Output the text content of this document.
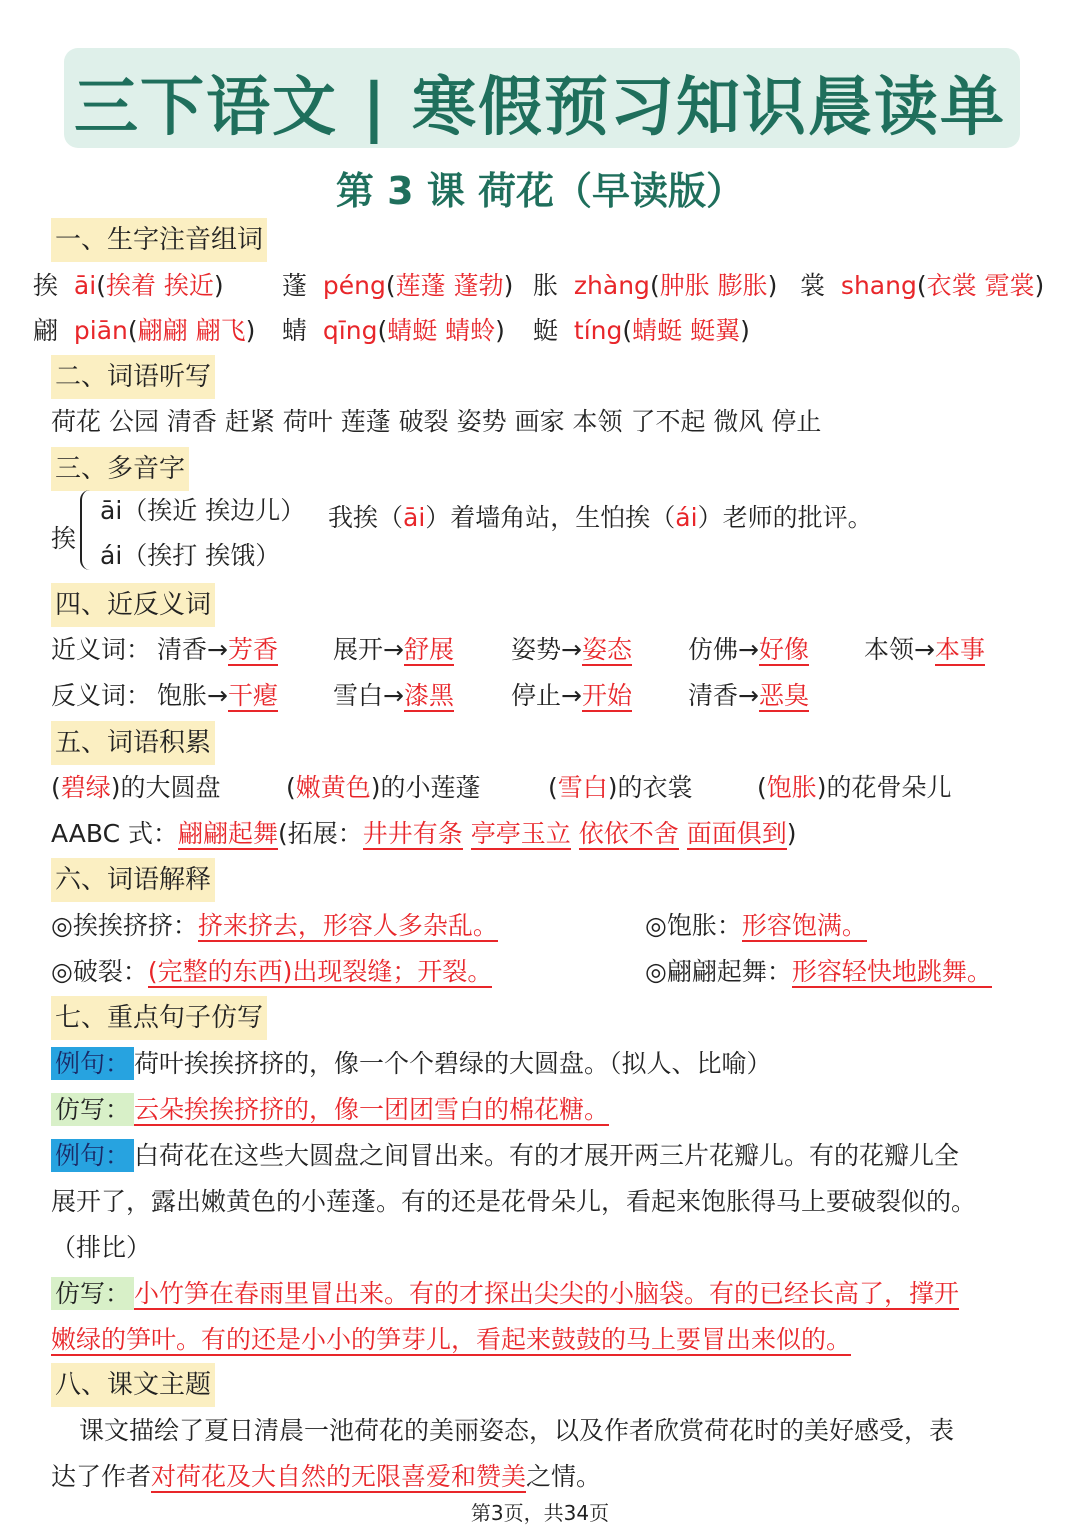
三下语文 | 寒假预习知识晨读单
第 3 课 荷花（早读版）
一、生字注音组词
挨 āi(挨着 挨近) 蓬 péng(莲蓬 蓬勃) 胀 zhàng(肿胀 膨胀) 裳 shang(衣裳 霓裳)
翩 piān(翩翩 翩飞) 蜻 qīng(蜻蜓 蜻蛉) 蜓 tíng(蜻蜓 蜓翼)
二、词语听写
荷花 公园 清香 赶紧 荷叶 莲蓬 破裂 姿势 画家 本领 了不起 微风 停止
三、多音字
挨
āi（挨近 挨边儿）
ái（挨打 挨饿）
我挨（āi）着墙角站，生怕挨（ái）老师的批评。
四、近反义词
近义词： 清香→芳香 展开→舒展 姿势→姿态 仿佛→好像 本领→本事
反义词： 饱胀→干瘪 雪白→漆黑 停止→开始 清香→恶臭
五、词语积累
(碧绿)的大圆盘	(嫩黄色)的小莲蓬	(雪白)的衣裳	(饱胀)的花骨朵儿
AABC 式：翩翩起舞(拓展：井井有条 亭亭玉立 依依不舍 面面俱到)
六、词语解释
◎挨挨挤挤：挤来挤去，形容人多杂乱。	◎饱胀：形容饱满。
◎破裂：(完整的东西)出现裂缝；开裂。	◎翩翩起舞：形容轻快地跳舞。
七、重点句子仿写
例句： 荷叶挨挨挤挤的，像一个个碧绿的大圆盘。（拟人、比喻）
仿写： 云朵挨挨挤挤的，像一团团雪白的棉花糖。
例句： 白荷花在这些大圆盘之间冒出来。有的才展开两三片花瓣儿。有的花瓣儿全
展开了，露出嫩黄色的小莲蓬。有的还是花骨朵儿，看起来饱胀得马上要破裂似的。
（排比）
仿写： 小竹笋在春雨里冒出来。有的才探出尖尖的小脑袋。有的已经长高了，撑开
嫩绿的笋叶。有的还是小小的笋芽儿，看起来鼓鼓的马上要冒出来似的。
八、课文主题
课文描绘了夏日清晨一池荷花的美丽姿态，以及作者欣赏荷花时的美好感受，表
达了作者对荷花及大自然的无限喜爱和赞美之情。
第3页，共34页
